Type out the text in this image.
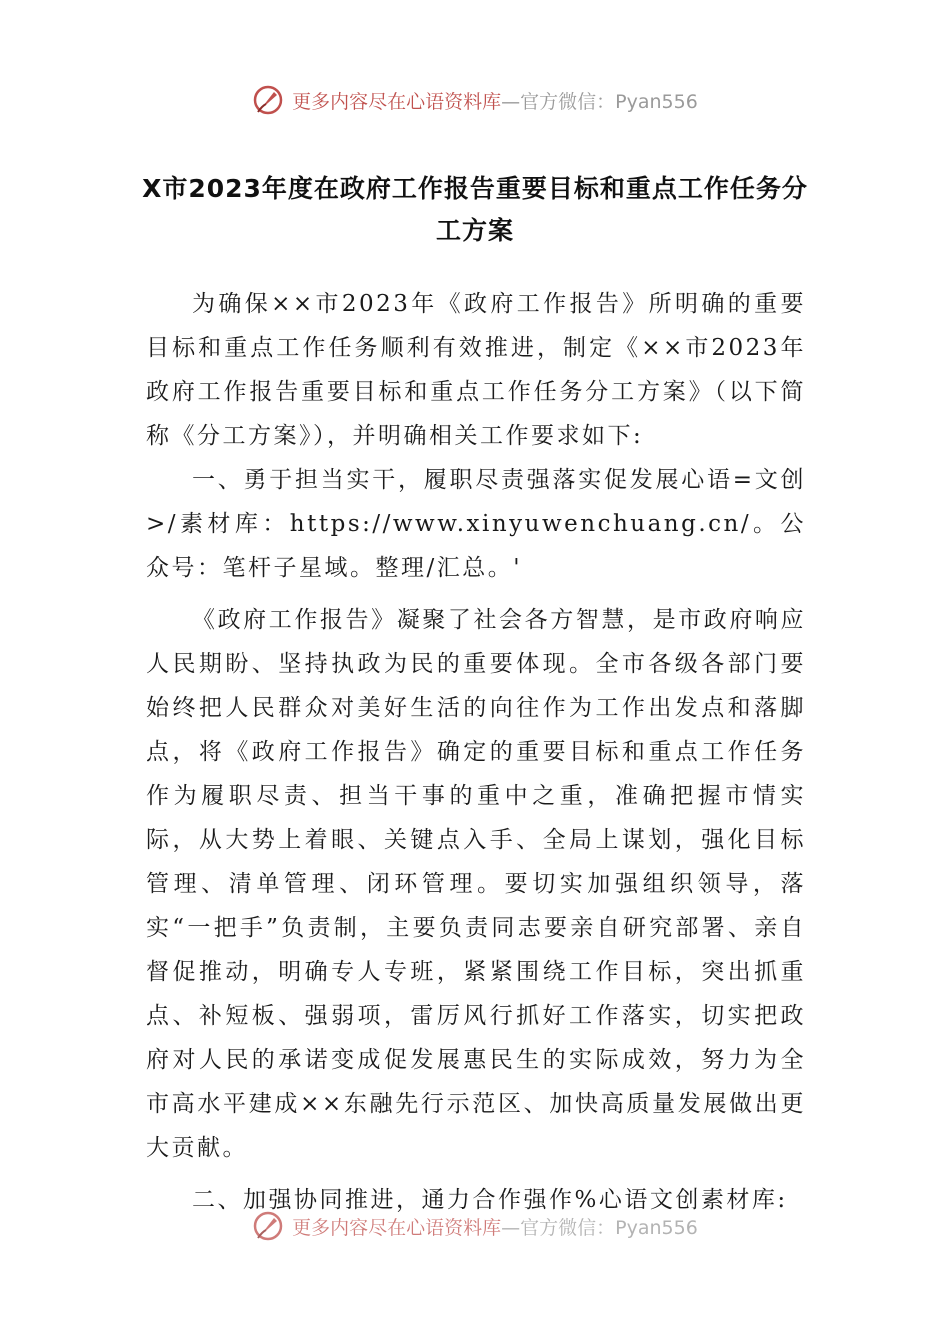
更多内容尽在心语资料库—官方微信：Pyan556
X市2023年度在政府工作报告重要目标和重点工作任务分工方案

为确保××市2023年《政府工作报告》所明确的重要目标和重点工作任务顺利有效推进，制定《××市2023年政府工作报告重要目标和重点工作任务分工方案》（以下简称《分工方案》），并明确相关工作要求如下:

一、勇于担当实干，履职尽责强落实促发展心语=文创>/素材库：https://www.xinyuwenchuang.cn/。公众号：笔杆子星域。整理/汇总。'

《政府工作报告》凝聚了社会各方智慧，是市政府响应人民期盼、坚持执政为民的重要体现。全市各级各部门要始终把人民群众对美好生活的向往作为工作出发点和落脚点，将《政府工作报告》确定的重要目标和重点工作任务作为履职尽责、担当干事的重中之重，准确把握市情实际，从大势上着眼、关键点入手、全局上谋划，强化目标管理、清单管理、闭环管理。要切实加强组织领导，落实“一把手”负责制，主要负责同志要亲自研究部署、亲自督促推动，明确专人专班，紧紧围绕工作目标，突出抓重点、补短板、强弱项，雷厉风行抓好工作落实，切实把政府对人民的承诺变成促发展惠民生的实际成效，努力为全市高水平建成××东融先行示范区、加快高质量发展做出更大贡献。

二、加强协同推进，通力合作强作%心语文创素材库:

更多内容尽在心语资料库—官方微信：Pyan556
